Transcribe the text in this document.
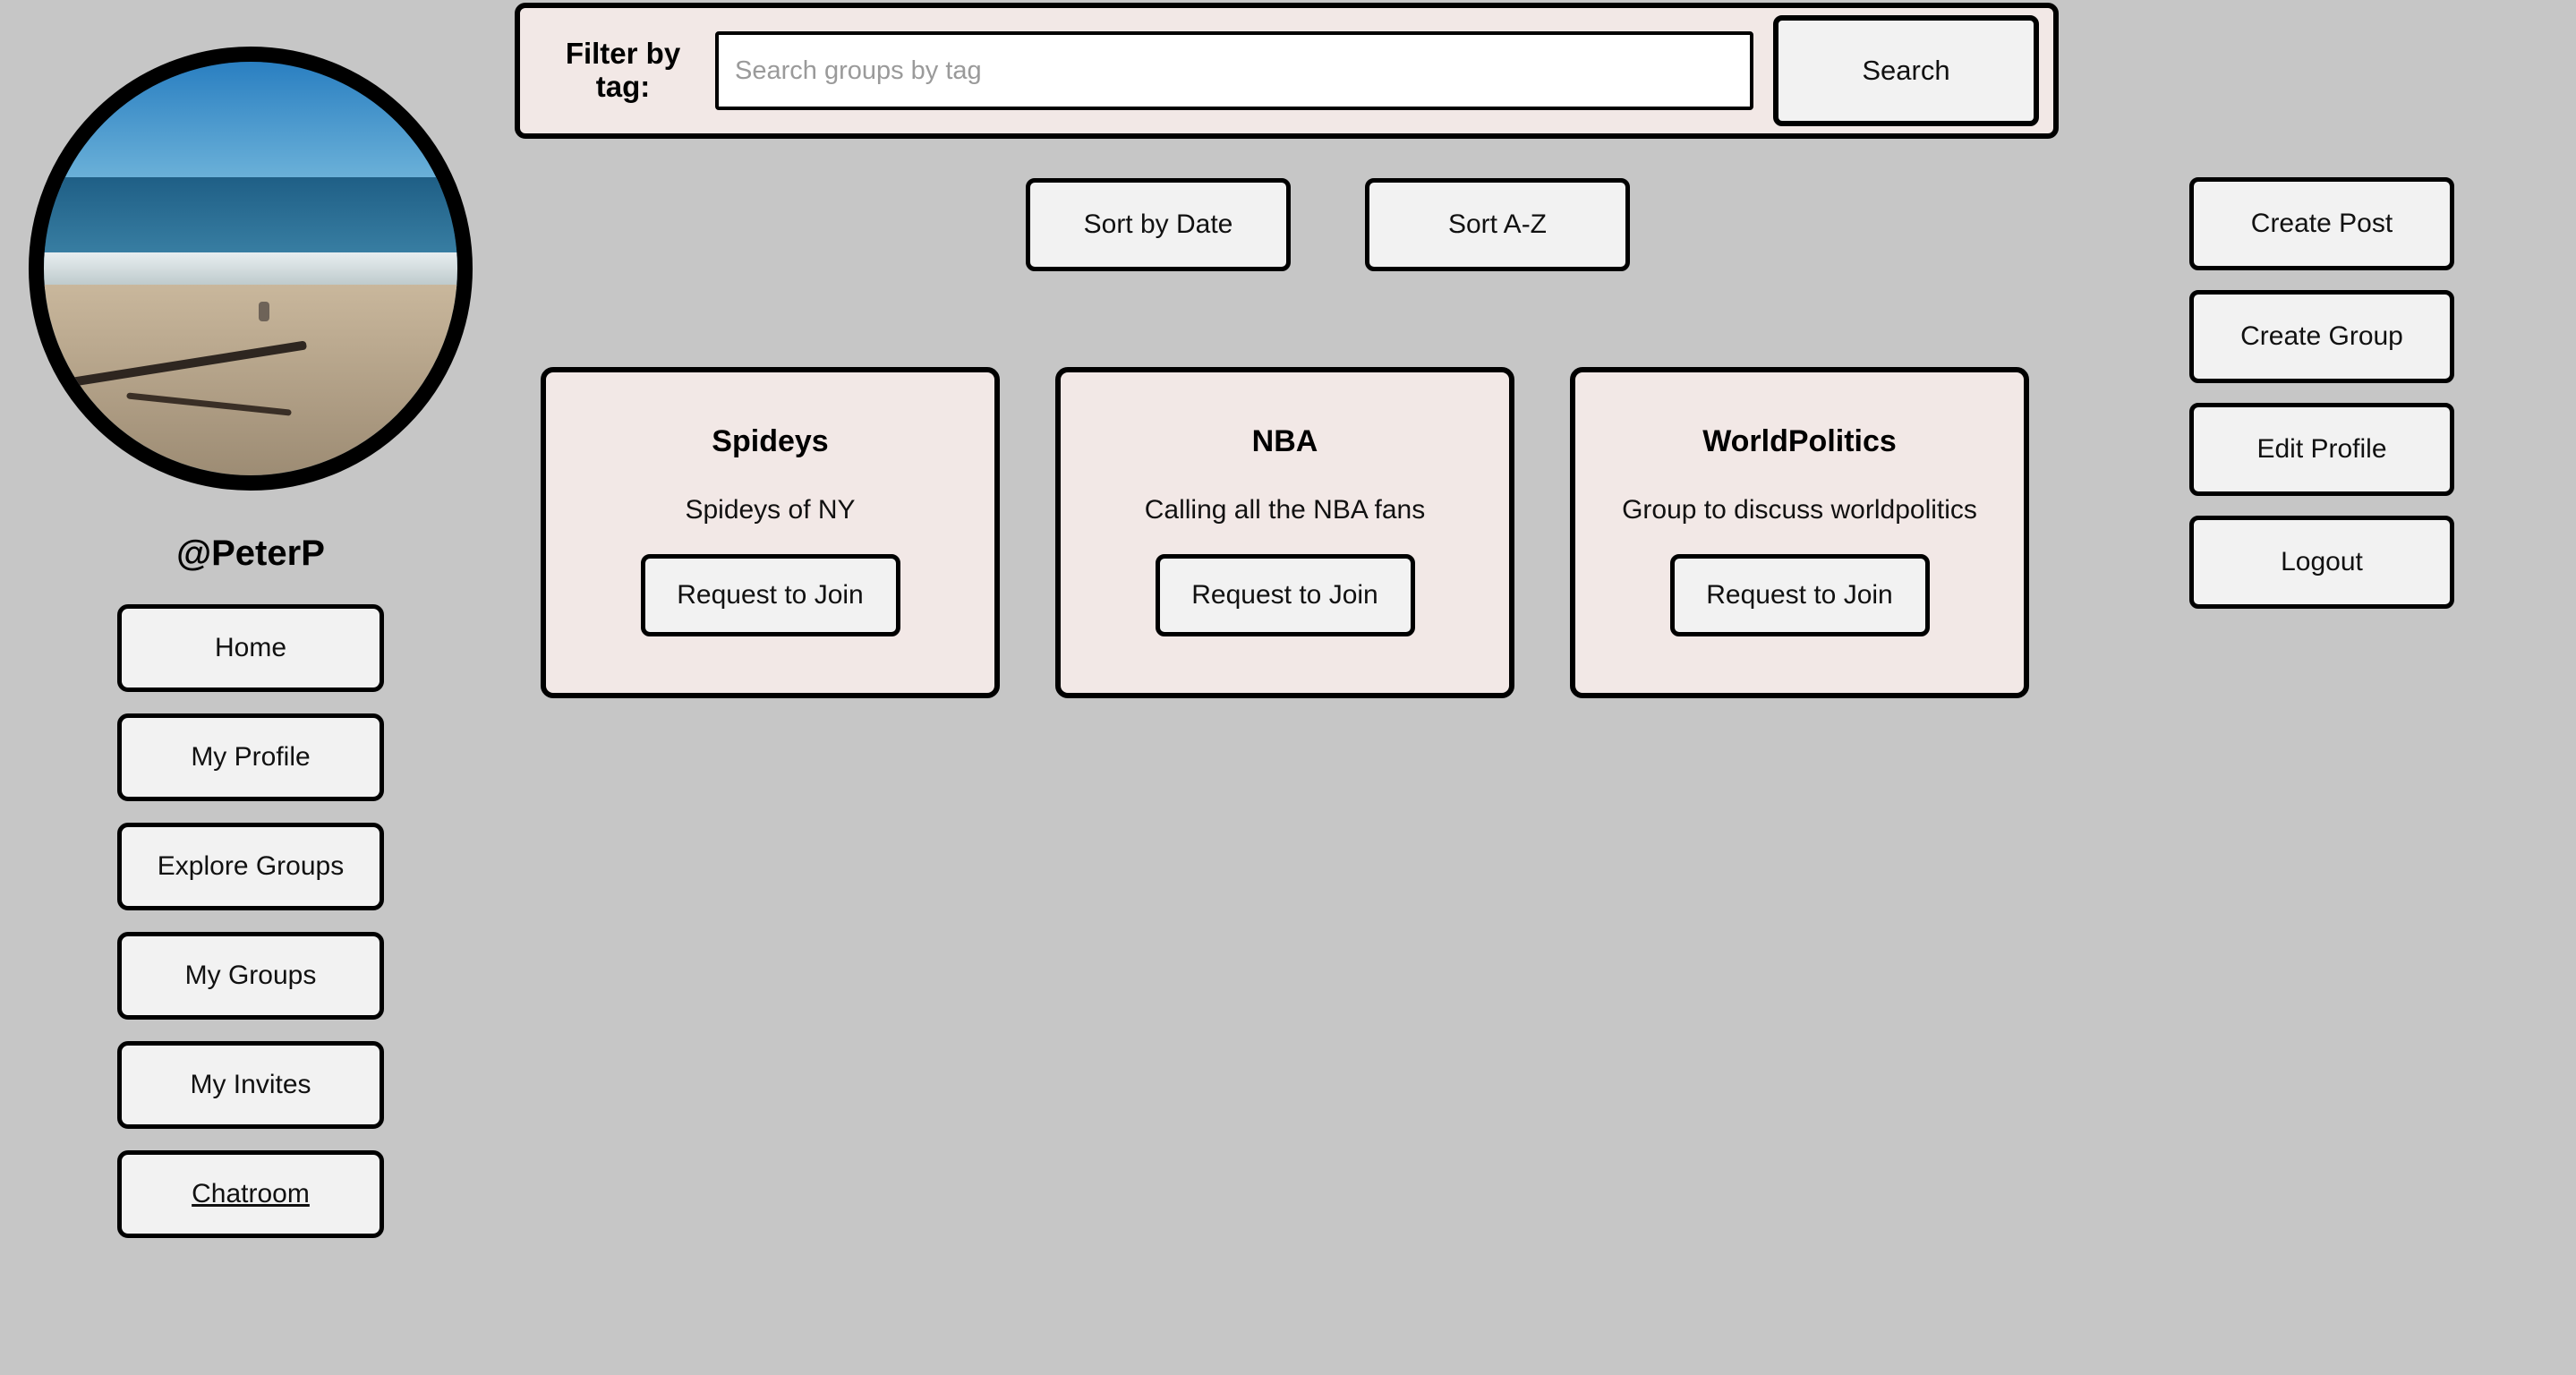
@PeterP
Home
My Profile
Explore Groups
My Groups
My Invites
Chatroom
Filter by tag:
Search groups by tag	Search
Sort by Date	Sort A-Z
Spideys
Spideys of NY
Request to Join
NBA
Calling all the NBA fans
Request to Join
WorldPolitics
Group to discuss worldpolitics
Request to Join
Create Post
Create Group
Edit Profile
Logout
